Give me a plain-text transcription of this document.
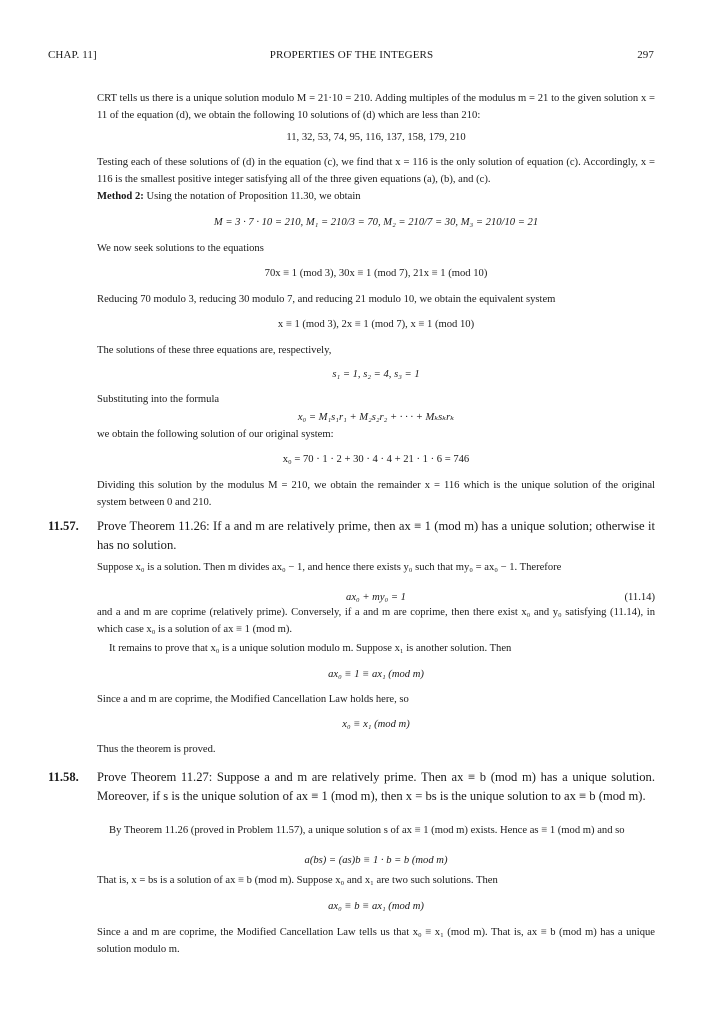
CHAP. 11]	PROPERTIES OF THE INTEGERS	297
CRT tells us there is a unique solution modulo M = 21·10 = 210. Adding multiples of the modulus m = 21 to the given solution x = 11 of the equation (d), we obtain the following 10 solutions of (d) which are less than 210:
11, 32, 53, 74, 95, 116, 137, 158, 179, 210
Testing each of these solutions of (d) in the equation (c), we find that x = 116 is the only solution of equation (c). Accordingly, x = 116 is the smallest positive integer satisfying all of the three given equations (a), (b), and (c).
Method 2: Using the notation of Proposition 11.30, we obtain
M = 3 · 7 · 10 = 210, M₁ = 210/3 = 70, M₂ = 210/7 = 30, M₃ = 210/10 = 21
We now seek solutions to the equations
70x ≡ 1 (mod 3), 30x ≡ 1 (mod 7), 21x ≡ 1 (mod 10)
Reducing 70 modulo 3, reducing 30 modulo 7, and reducing 21 modulo 10, we obtain the equivalent system
x ≡ 1 (mod 3), 2x ≡ 1 (mod 7), x ≡ 1 (mod 10)
The solutions of these three equations are, respectively,
s₁ = 1, s₂ = 4, s₃ = 1
Substituting into the formula
x₀ = M₁s₁r₁ + M₂s₂r₂ + · · · + Mₖsₖrₖ
we obtain the following solution of our original system:
x₀ = 70 · 1 · 2 + 30 · 4 · 4 + 21 · 1 · 6 = 746
Dividing this solution by the modulus M = 210, we obtain the remainder x = 116 which is the unique solution of the original system between 0 and 210.
11.57. Prove Theorem 11.26: If a and m are relatively prime, then ax ≡ 1 (mod m) has a unique solution; otherwise it has no solution.
Suppose x₀ is a solution. Then m divides ax₀ − 1, and hence there exists y₀ such that my₀ = ax₀ − 1. Therefore
ax₀ + my₀ = 1	(11.14)
and a and m are coprime (relatively prime). Conversely, if a and m are coprime, then there exist x₀ and y₀ satisfying (11.14), in which case x₀ is a solution of ax ≡ 1 (mod m).
It remains to prove that x₀ is a unique solution modulo m. Suppose x₁ is another solution. Then
ax₀ ≡ 1 ≡ ax₁ (mod m)
Since a and m are coprime, the Modified Cancellation Law holds here, so
x₀ ≡ x₁ (mod m)
Thus the theorem is proved.
11.58. Prove Theorem 11.27: Suppose a and m are relatively prime. Then ax ≡ b (mod m) has a unique solution. Moreover, if s is the unique solution of ax ≡ 1 (mod m), then x = bs is the unique solution to ax ≡ b (mod m).
By Theorem 11.26 (proved in Problem 11.57), a unique solution s of ax ≡ 1 (mod m) exists. Hence as ≡ 1 (mod m) and so
a(bs) = (as)b ≡ 1 · b = b (mod m)
That is, x = bs is a solution of ax ≡ b (mod m). Suppose x₀ and x₁ are two such solutions. Then
ax₀ ≡ b ≡ ax₁ (mod m)
Since a and m are coprime, the Modified Cancellation Law tells us that x₀ ≡ x₁ (mod m). That is, ax ≡ b (mod m) has a unique solution modulo m.
